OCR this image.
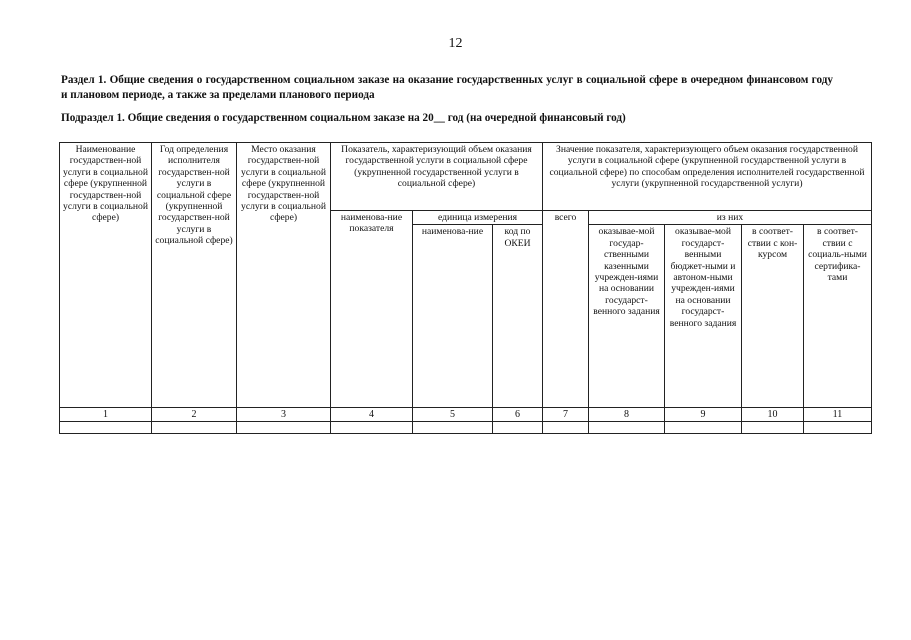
12
Раздел 1. Общие сведения о государственном социальном заказе на оказание государственных услуг в социальной сфере в очередном финансовом году и плановом периоде, а также за пределами планового периода
Подраздел 1. Общие сведения о государственном социальном заказе на 20__ год (на очередной финансовый год)
Наименование государствен-ной услуги в социальной сфере (укрупненной государствен-ной услуги в социальной сфере)	Год определения исполнителя государствен-ной услуги в социальной сфере (укрупненной государствен-ной услуги в социальной сфере)	Место оказания государствен-ной услуги в социальной сфере (укрупненной государствен-ной услуги в социальной сфере)	Показатель, характеризующий объем оказания государственной услуги в социальной сфере (укрупненной государственной услуги в социальной сфере)			Значение показателя, характеризующего объем оказания государственной услуги в социальной сфере (укрупненной государственной услуги в социальной сфере) по способам определения исполнителей государственной услуги (укрупненной государственной услуги)				
			наименова-ние показателя	единица измерения		всего	из них			
				наименова-ние	код по ОКЕИ		оказывае-мой государ-ственными казенными учрежден-иями на основании государст-венного задания	оказывае-мой государст-венными бюджет-ными и автоном-ными учрежден-иями на основании государст-венного задания	в соответ-ствии с кон-курсом	в соответ-ствии с социаль-ными сертифика-тами

1	2	3	4	5	6	7	8	9	10	11
